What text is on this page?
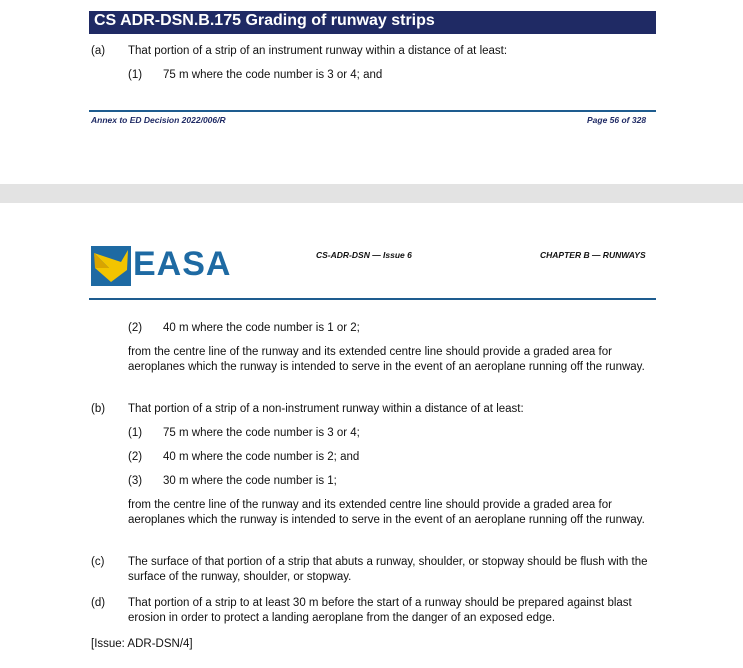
CS ADR-DSN.B.175 Grading of runway strips
(a) That portion of a strip of an instrument runway within a distance of at least:
(1) 75 m where the code number is 3 or 4; and
Annex to ED Decision 2022/006/R	Page 56 of 328
EASA	CS-ADR-DSN — Issue 6	CHAPTER B — RUNWAYS
(2) 40 m where the code number is 1 or 2;
from the centre line of the runway and its extended centre line should provide a graded area for aeroplanes which the runway is intended to serve in the event of an aeroplane running off the runway.
(b) That portion of a strip of a non-instrument runway within a distance of at least:
(1) 75 m where the code number is 3 or 4;
(2) 40 m where the code number is 2; and
(3) 30 m where the code number is 1;
from the centre line of the runway and its extended centre line should provide a graded area for aeroplanes which the runway is intended to serve in the event of an aeroplane running off the runway.
(c) The surface of that portion of a strip that abuts a runway, shoulder, or stopway should be flush with the surface of the runway, shoulder, or stopway.
(d) That portion of a strip to at least 30 m before the start of a runway should be prepared against blast erosion in order to protect a landing aeroplane from the danger of an exposed edge.
[Issue: ADR-DSN/4]
